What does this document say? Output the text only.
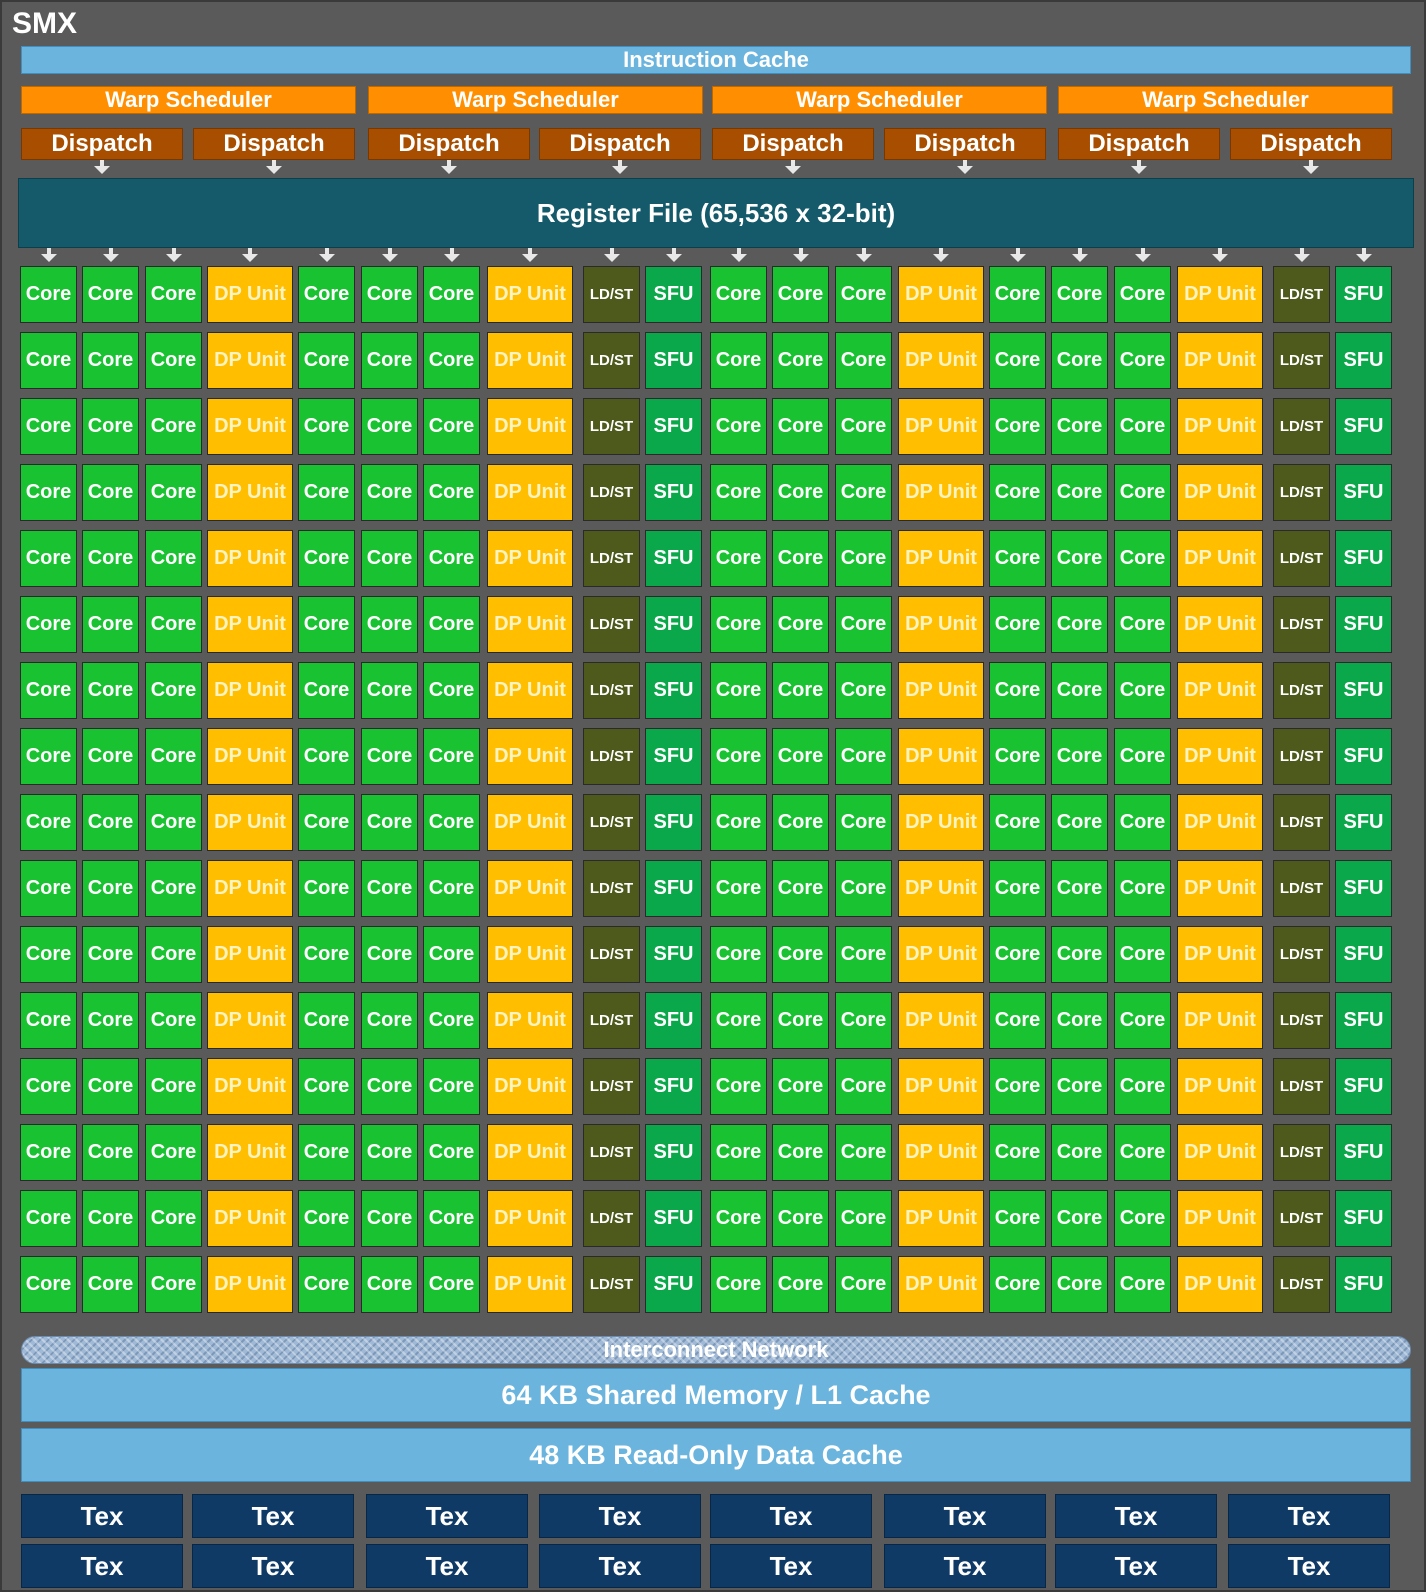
SMX
Instruction Cache
Warp Scheduler	Warp Scheduler	Warp Scheduler	Warp Scheduler
Dispatch	Dispatch	Dispatch	Dispatch	Dispatch	Dispatch	Dispatch	Dispatch
Register File (65,536 x 32-bit)
Core Core Core DP Unit Core Core Core DP Unit	LD/ST	SFU	Core Core Core DP Unit Core Core Core DP Unit	LD/ST	SFU
Core Core Core DP Unit Core Core Core DP Unit	LD/ST	SFU	Core Core Core DP Unit Core Core Core DP Unit	LD/ST	SFU
Core Core Core DP Unit Core Core Core DP Unit	LD/ST	SFU	Core Core Core DP Unit Core Core Core DP Unit	LD/ST	SFU
Core Core Core DP Unit Core Core Core DP Unit	LD/ST	SFU	Core Core Core DP Unit Core Core Core DP Unit	LD/ST	SFU
Core Core Core DP Unit Core Core Core DP Unit	LD/ST	SFU	Core Core Core DP Unit Core Core Core DP Unit	LD/ST	SFU
Core Core Core DP Unit Core Core Core DP Unit	LD/ST	SFU	Core Core Core DP Unit Core Core Core DP Unit	LD/ST	SFU
Core Core Core DP Unit Core Core Core DP Unit	LD/ST	SFU	Core Core Core DP Unit Core Core Core DP Unit	LD/ST	SFU
Core Core Core DP Unit Core Core Core DP Unit	LD/ST	SFU	Core Core Core DP Unit Core Core Core DP Unit	LD/ST	SFU
Core Core Core DP Unit Core Core Core DP Unit	LD/ST	SFU	Core Core Core DP Unit Core Core Core DP Unit	LD/ST	SFU
Core Core Core DP Unit Core Core Core DP Unit	LD/ST	SFU	Core Core Core DP Unit Core Core Core DP Unit	LD/ST	SFU
Core Core Core DP Unit Core Core Core DP Unit	LD/ST	SFU	Core Core Core DP Unit Core Core Core DP Unit	LD/ST	SFU
Core Core Core DP Unit Core Core Core DP Unit	LD/ST	SFU	Core Core Core DP Unit Core Core Core DP Unit	LD/ST	SFU
Core Core Core DP Unit Core Core Core DP Unit	LD/ST	SFU	Core Core Core DP Unit Core Core Core DP Unit	LD/ST	SFU
Core Core Core DP Unit Core Core Core DP Unit	LD/ST	SFU	Core Core Core DP Unit Core Core Core DP Unit	LD/ST	SFU
Core Core Core DP Unit Core Core Core DP Unit	LD/ST	SFU	Core Core Core DP Unit Core Core Core DP Unit	LD/ST	SFU
Core Core Core DP Unit Core Core Core DP Unit	LD/ST	SFU	Core Core Core DP Unit Core Core Core DP Unit	LD/ST	SFU
Interconnect Network
64 KB Shared Memory / L1 Cache
48 KB Read-Only Data Cache
Tex	Tex	Tex	Tex	Tex	Tex	Tex	Tex
Tex	Tex	Tex	Tex	Tex	Tex	Tex	Tex
